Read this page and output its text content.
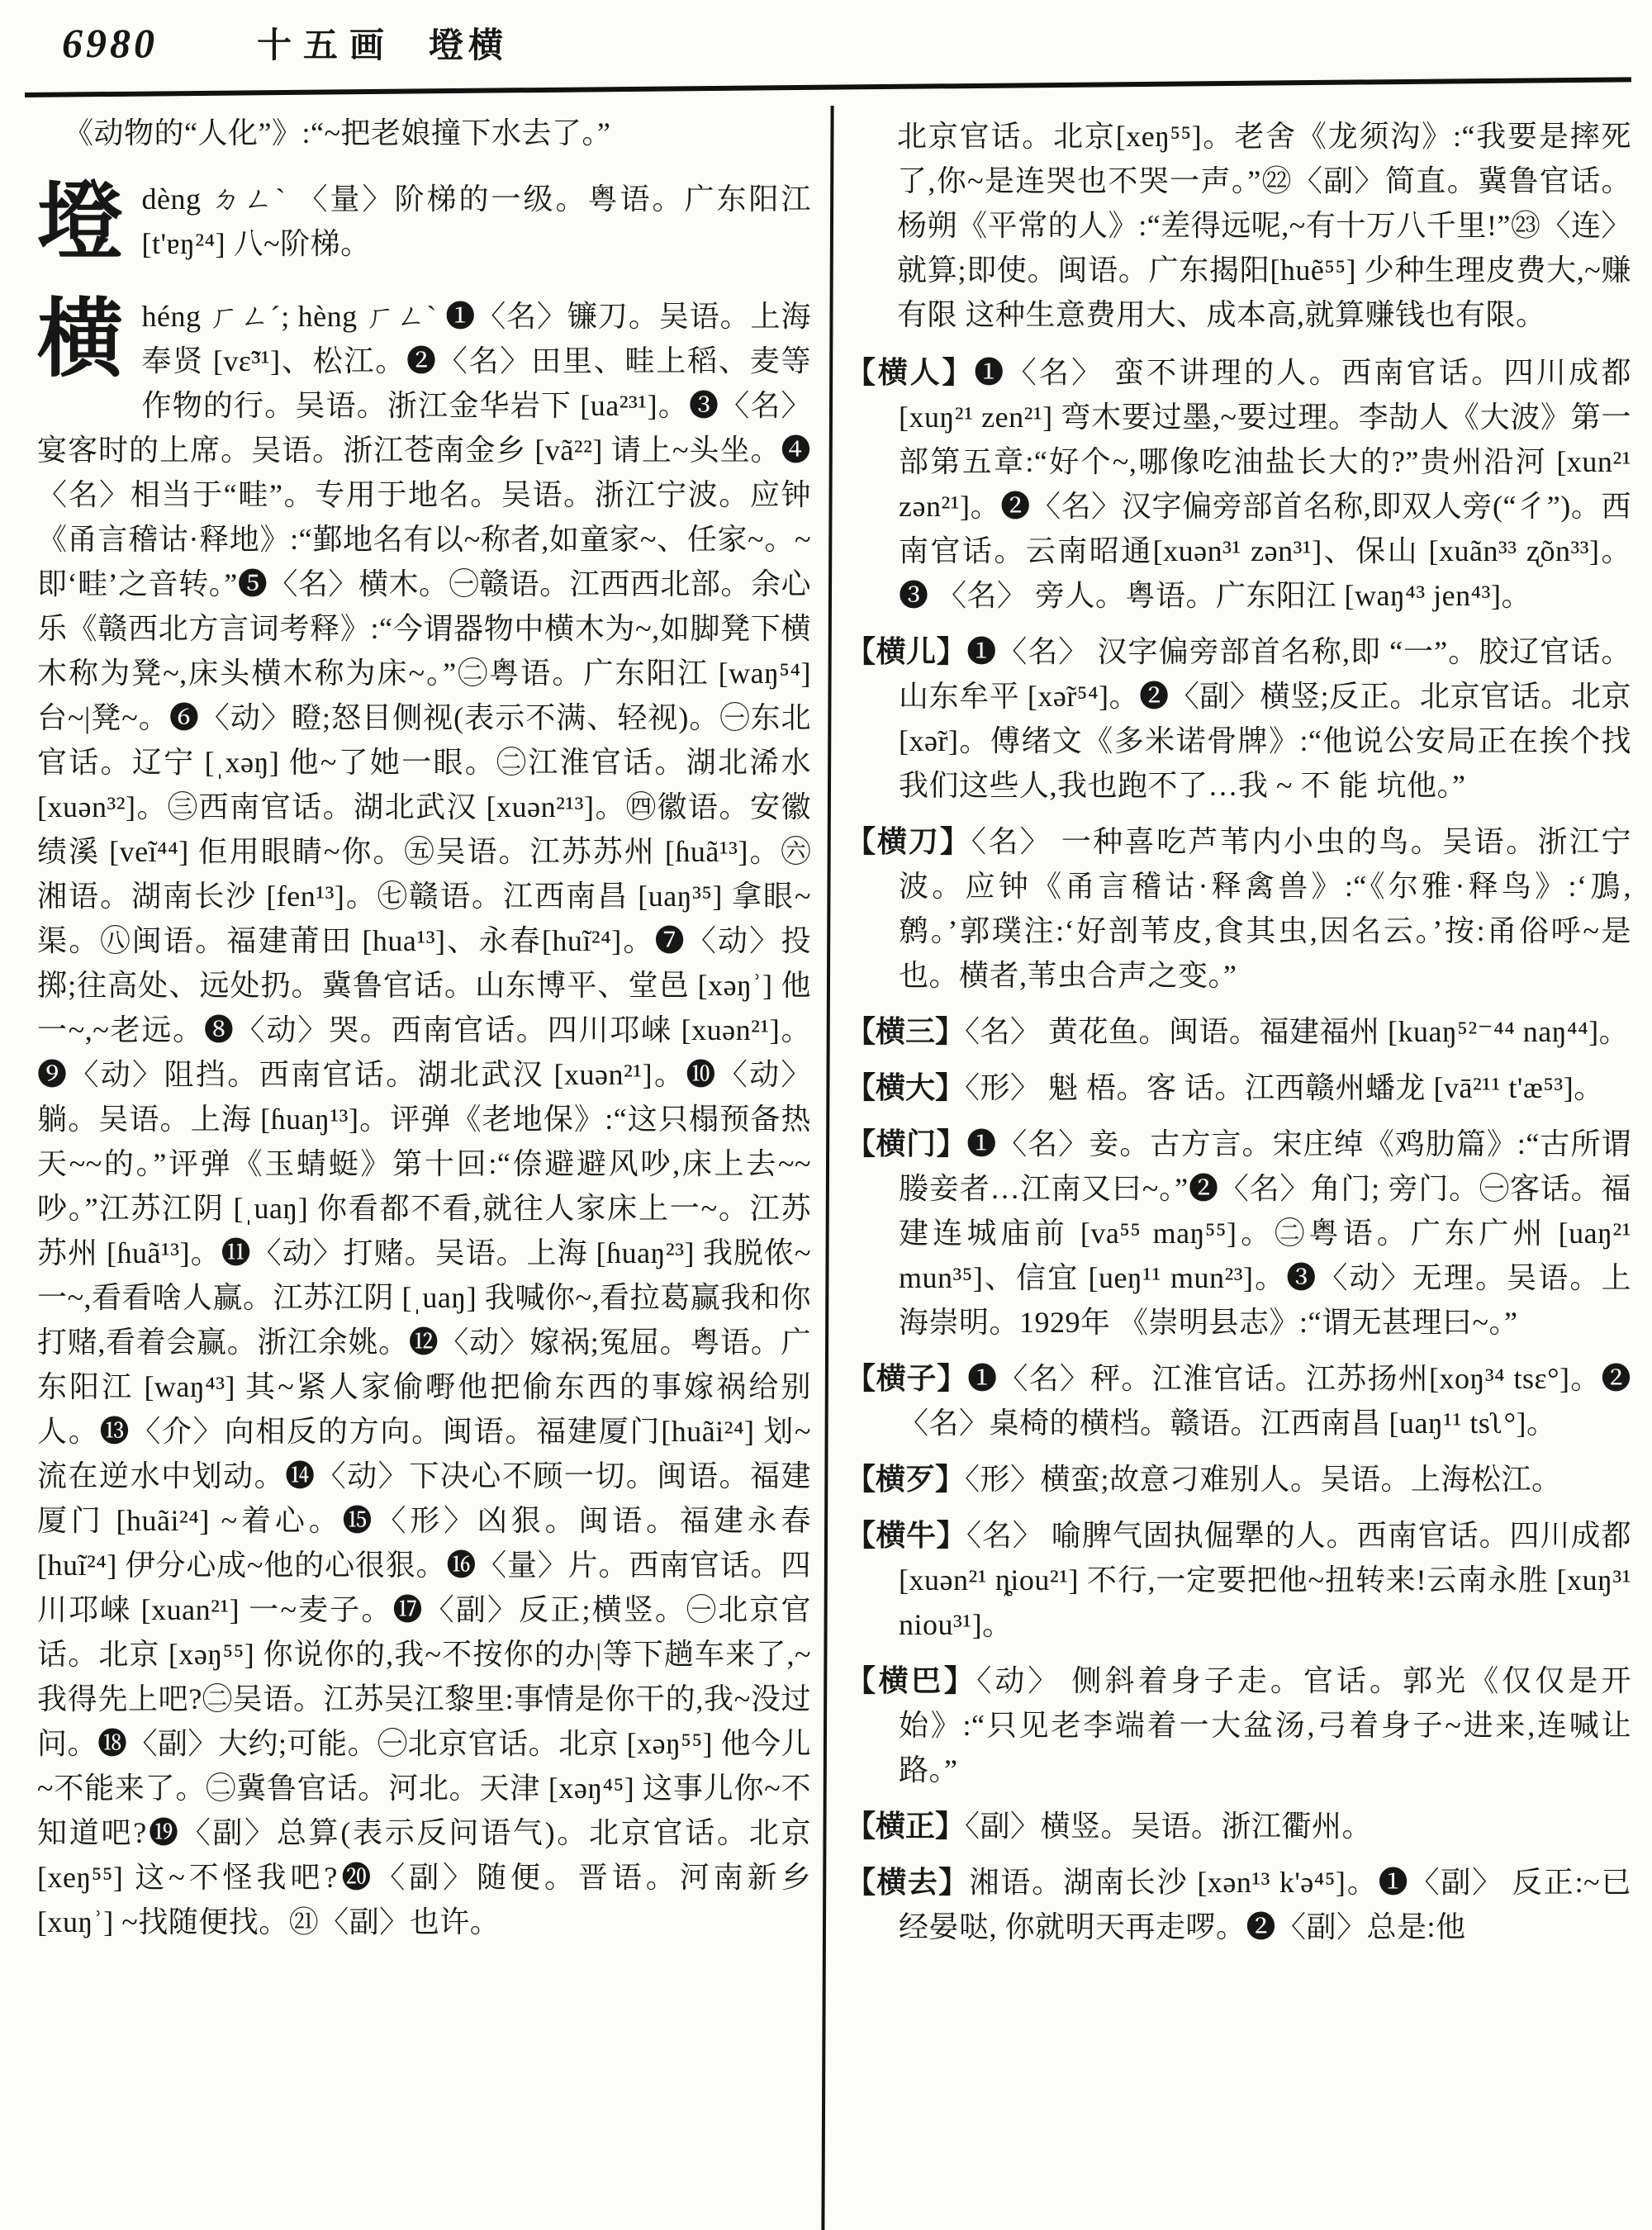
6980	十五画 墱横

《动物的“人化”》:“~把老娘撞下水去了。”

墱dèng ㄉㄥˋ 〈量〉阶梯的一级。粤语。广东阳江 [t'ɐŋ²⁴] 八~阶梯。
横héng ㄏㄥˊ; hèng ㄏㄥˋ ❶〈名〉镰刀。吴语。上海奉贤 [vɛ̃³¹]、松江。❷〈名〉田里、畦上稻、麦等作物的行。吴语。浙江金华岩下 [ua²³¹]。❸〈名〉宴客时的上席。吴语。浙江苍南金乡 [vã²²] 请上~头坐。❹〈名〉相当于“畦”。专用于地名。吴语。浙江宁波。应钟《甬言稽诂·释地》:“鄞地名有以~称者,如童家~、任家~。~即‘畦’之音转。”❺〈名〉横木。㊀赣语。江西西北部。余心乐《赣西北方言词考释》:“今谓器物中横木为~,如脚凳下横木称为凳~,床头横木称为床~。”㊁粤语。广东阳江 [waŋ⁵⁴] 台~|凳~。❻〈动〉瞪;怒目侧视(表示不满、轻视)。㊀东北官话。辽宁 [ˌxəŋ] 他~了她一眼。㊁江淮官话。湖北浠水 [xuən³²]。㊂西南官话。湖北武汉 [xuən²¹³]。㊃徽语。安徽绩溪 [veĩ⁴⁴] 佢用眼睛~你。㊄吴语。江苏苏州 [ɦuã¹³]。㊅湘语。湖南长沙 [fen¹³]。㊆赣语。江西南昌 [uaŋ³⁵] 拿眼~渠。㊇闽语。福建莆田 [hua¹³]、永春[huĩ²⁴]。❼〈动〉投掷;往高处、远处扔。冀鲁官话。山东博平、堂邑 [xəŋʾ] 他一~,~老远。❽〈动〉哭。西南官话。四川邛崃 [xuən²¹]。❾〈动〉阻挡。西南官话。湖北武汉 [xuən²¹]。❿〈动〉躺。吴语。上海 [ɦuaŋ¹³]。评弹《老地保》:“这只榻预备热天~~的。”评弹《玉蜻蜓》第十回:“倷避避风吵,床上去~~吵。”江苏江阴 [ˌuaŋ] 你看都不看,就往人家床上一~。江苏苏州 [ɦuã¹³]。⓫〈动〉打赌。吴语。上海 [ɦuaŋ²³] 我脱侬~一~,看看啥人赢。江苏江阴 [ˌuaŋ] 我喊你~,看拉葛赢我和你打赌,看着会赢。浙江余姚。⓬〈动〉嫁祸;冤屈。粤语。广东阳江 [waŋ⁴³] 其~紧人家偷嘢他把偷东西的事嫁祸给别人。⓭〈介〉向相反的方向。闽语。福建厦门[huãi²⁴] 划~流在逆水中划动。⓮〈动〉下决心不顾一切。闽语。福建厦门 [huãi²⁴] ~着心。⓯〈形〉凶狠。闽语。福建永春 [huĩ²⁴] 伊分心成~他的心很狠。⓰〈量〉片。西南官话。四川邛崃 [xuan²¹] 一~麦子。⓱〈副〉反正;横竖。㊀北京官话。北京 [xəŋ⁵⁵] 你说你的,我~不按你的办|等下趟车来了,~我得先上吧?㊁吴语。江苏吴江黎里:事情是你干的,我~没过问。⓲〈副〉大约;可能。㊀北京官话。北京 [xəŋ⁵⁵] 他今儿~不能来了。㊁冀鲁官话。河北。天津 [xəŋ⁴⁵] 这事儿你~不知道吧?⓳〈副〉总算(表示反问语气)。北京官话。北京 [xeŋ⁵⁵] 这~不怪我吧?⓴〈副〉随便。晋语。河南新乡 [xuŋʾ] ~找随便找。㉑〈副〉也许。

北京官话。北京[xeŋ⁵⁵]。老舍《龙须沟》:“我要是摔死了,你~是连哭也不哭一声。”㉒〈副〉简直。冀鲁官话。杨朔《平常的人》:“差得远呢,~有十万八千里!”㉓〈连〉就算;即使。闽语。广东揭阳[huẽ⁵⁵] 少种生理皮费大,~赚有限 这种生意费用大、成本高,就算赚钱也有限。

【横人】❶〈名〉 蛮不讲理的人。西南官话。四川成都 [xuŋ²¹ zen²¹] 弯木要过墨,~要过理。李劼人《大波》第一部第五章:“好个~,哪像吃油盐长大的?”贵州沿河 [xun²¹ zən²¹]。❷〈名〉汉字偏旁部首名称,即双人旁(“彳”)。西南官话。云南昭通[xuən³¹ zən³¹]、保山 [xuãn³³ ʐõn³³]。❸ 〈名〉 旁人。粤语。广东阳江 [waŋ⁴³ jen⁴³]。
【横儿】❶〈名〉 汉字偏旁部首名称,即 “一”。胶辽官话。山东牟平 [xə̃r⁵⁴]。❷〈副〉横竖;反正。北京官话。北京 [xə̃r]。傅绪文《多米诺骨牌》:“他说公安局正在挨个找我们这些人,我也跑不了…我 ~ 不 能 坑他。”
【横刀】〈名〉 一种喜吃芦苇内小虫的鸟。吴语。浙江宁波。应钟《甬言稽诂·释禽兽》:“《尔雅·释鸟》:‘鳭,鹩。’郭璞注:‘好剖苇皮,食其虫,因名云。’按:甬俗呼~是也。横者,苇虫合声之变。”
【横三】〈名〉 黄花鱼。闽语。福建福州 [kuaŋ⁵²⁻⁴⁴ naŋ⁴⁴]。
【横大】〈形〉 魁 梧。客 话。江西赣州蟠龙 [vā²¹¹ t'æ⁵³]。
【横门】❶〈名〉妾。古方言。宋庄绰《鸡肋篇》:“古所谓媵妾者…江南又曰~。”❷〈名〉角门; 旁门。㊀客话。福建连城庙前 [va⁵⁵ maŋ⁵⁵]。㊁粤语。广东广州 [uaŋ²¹ mun³⁵]、信宜 [ueŋ¹¹ mun²³]。❸〈动〉无理。吴语。上海崇明。1929年 《崇明县志》:“谓无甚理曰~。”
【横子】❶〈名〉秤。江淮官话。江苏扬州[xoŋ³⁴ tsɛ°]。❷〈名〉桌椅的横档。赣语。江西南昌 [uaŋ¹¹ tsʅ°]。
【横歹】〈形〉横蛮;故意刁难别人。吴语。上海松江。
【横牛】〈名〉 喻脾气固执倔犟的人。西南官话。四川成都 [xuən²¹ ȵiou²¹] 不行,一定要把他~扭转来!云南永胜 [xuŋ³¹ niou³¹]。
【横巴】〈动〉 侧斜着身子走。官话。郭光《仅仅是开始》:“只见老李端着一大盆汤,弓着身子~进来,连喊让路。”
【横正】〈副〉横竖。吴语。浙江衢州。
【横去】湘语。湖南长沙 [xən¹³ k'ə⁴⁵]。❶〈副〉 反正:~已经晏哒, 你就明天再走啰。❷〈副〉总是:他
